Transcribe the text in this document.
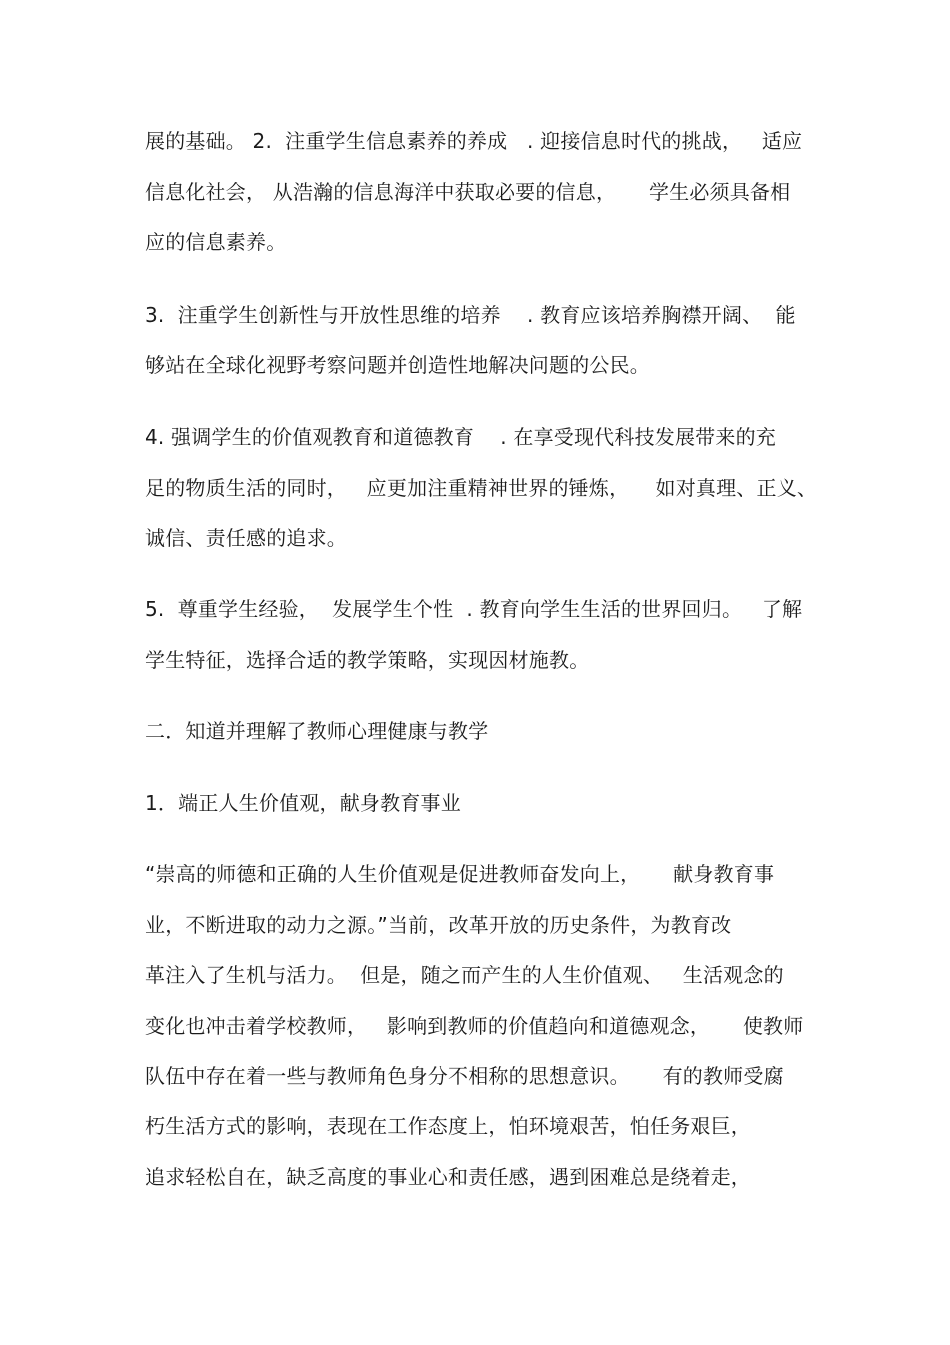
展的基础。 2.  注重学生信息素养的养成   . 迎接信息时代的挑战，   适应
信息化社会， 从浩瀚的信息海洋中获取必要的信息，     学生必须具备相
应的信息素养。
3.  注重学生创新性与开放性思维的培养    . 教育应该培养胸襟开阔、  能
够站在全球化视野考察问题并创造性地解决问题的公民。
4. 强调学生的价值观教育和道德教育    . 在享受现代科技发展带来的充
足的物质生活的同时，   应更加注重精神世界的锤炼，    如对真理、正义、
诚信、责任感的追求。
5.  尊重学生经验，  发展学生个性  . 教育向学生生活的世界回归。   了解
学生特征，选择合适的教学策略，实现因材施教。
二．知道并理解了教师心理健康与教学
1．端正人生价值观，献身教育事业
“崇高的师德和正确的人生价值观是促进教师奋发向上，     献身教育事
业，不断进取的动力之源。”当前，改革开放的历史条件，为教育改
革注入了生机与活力。  但是，随之而产生的人生价值观、   生活观念的
变化也冲击着学校教师，   影响到教师的价值趋向和道德观念，     使教师
队伍中存在着一些与教师角色身分不相称的思想意识。     有的教师受腐
朽生活方式的影响，表现在工作态度上，怕环境艰苦，怕任务艰巨，
追求轻松自在，缺乏高度的事业心和责任感，遇到困难总是绕着走，
